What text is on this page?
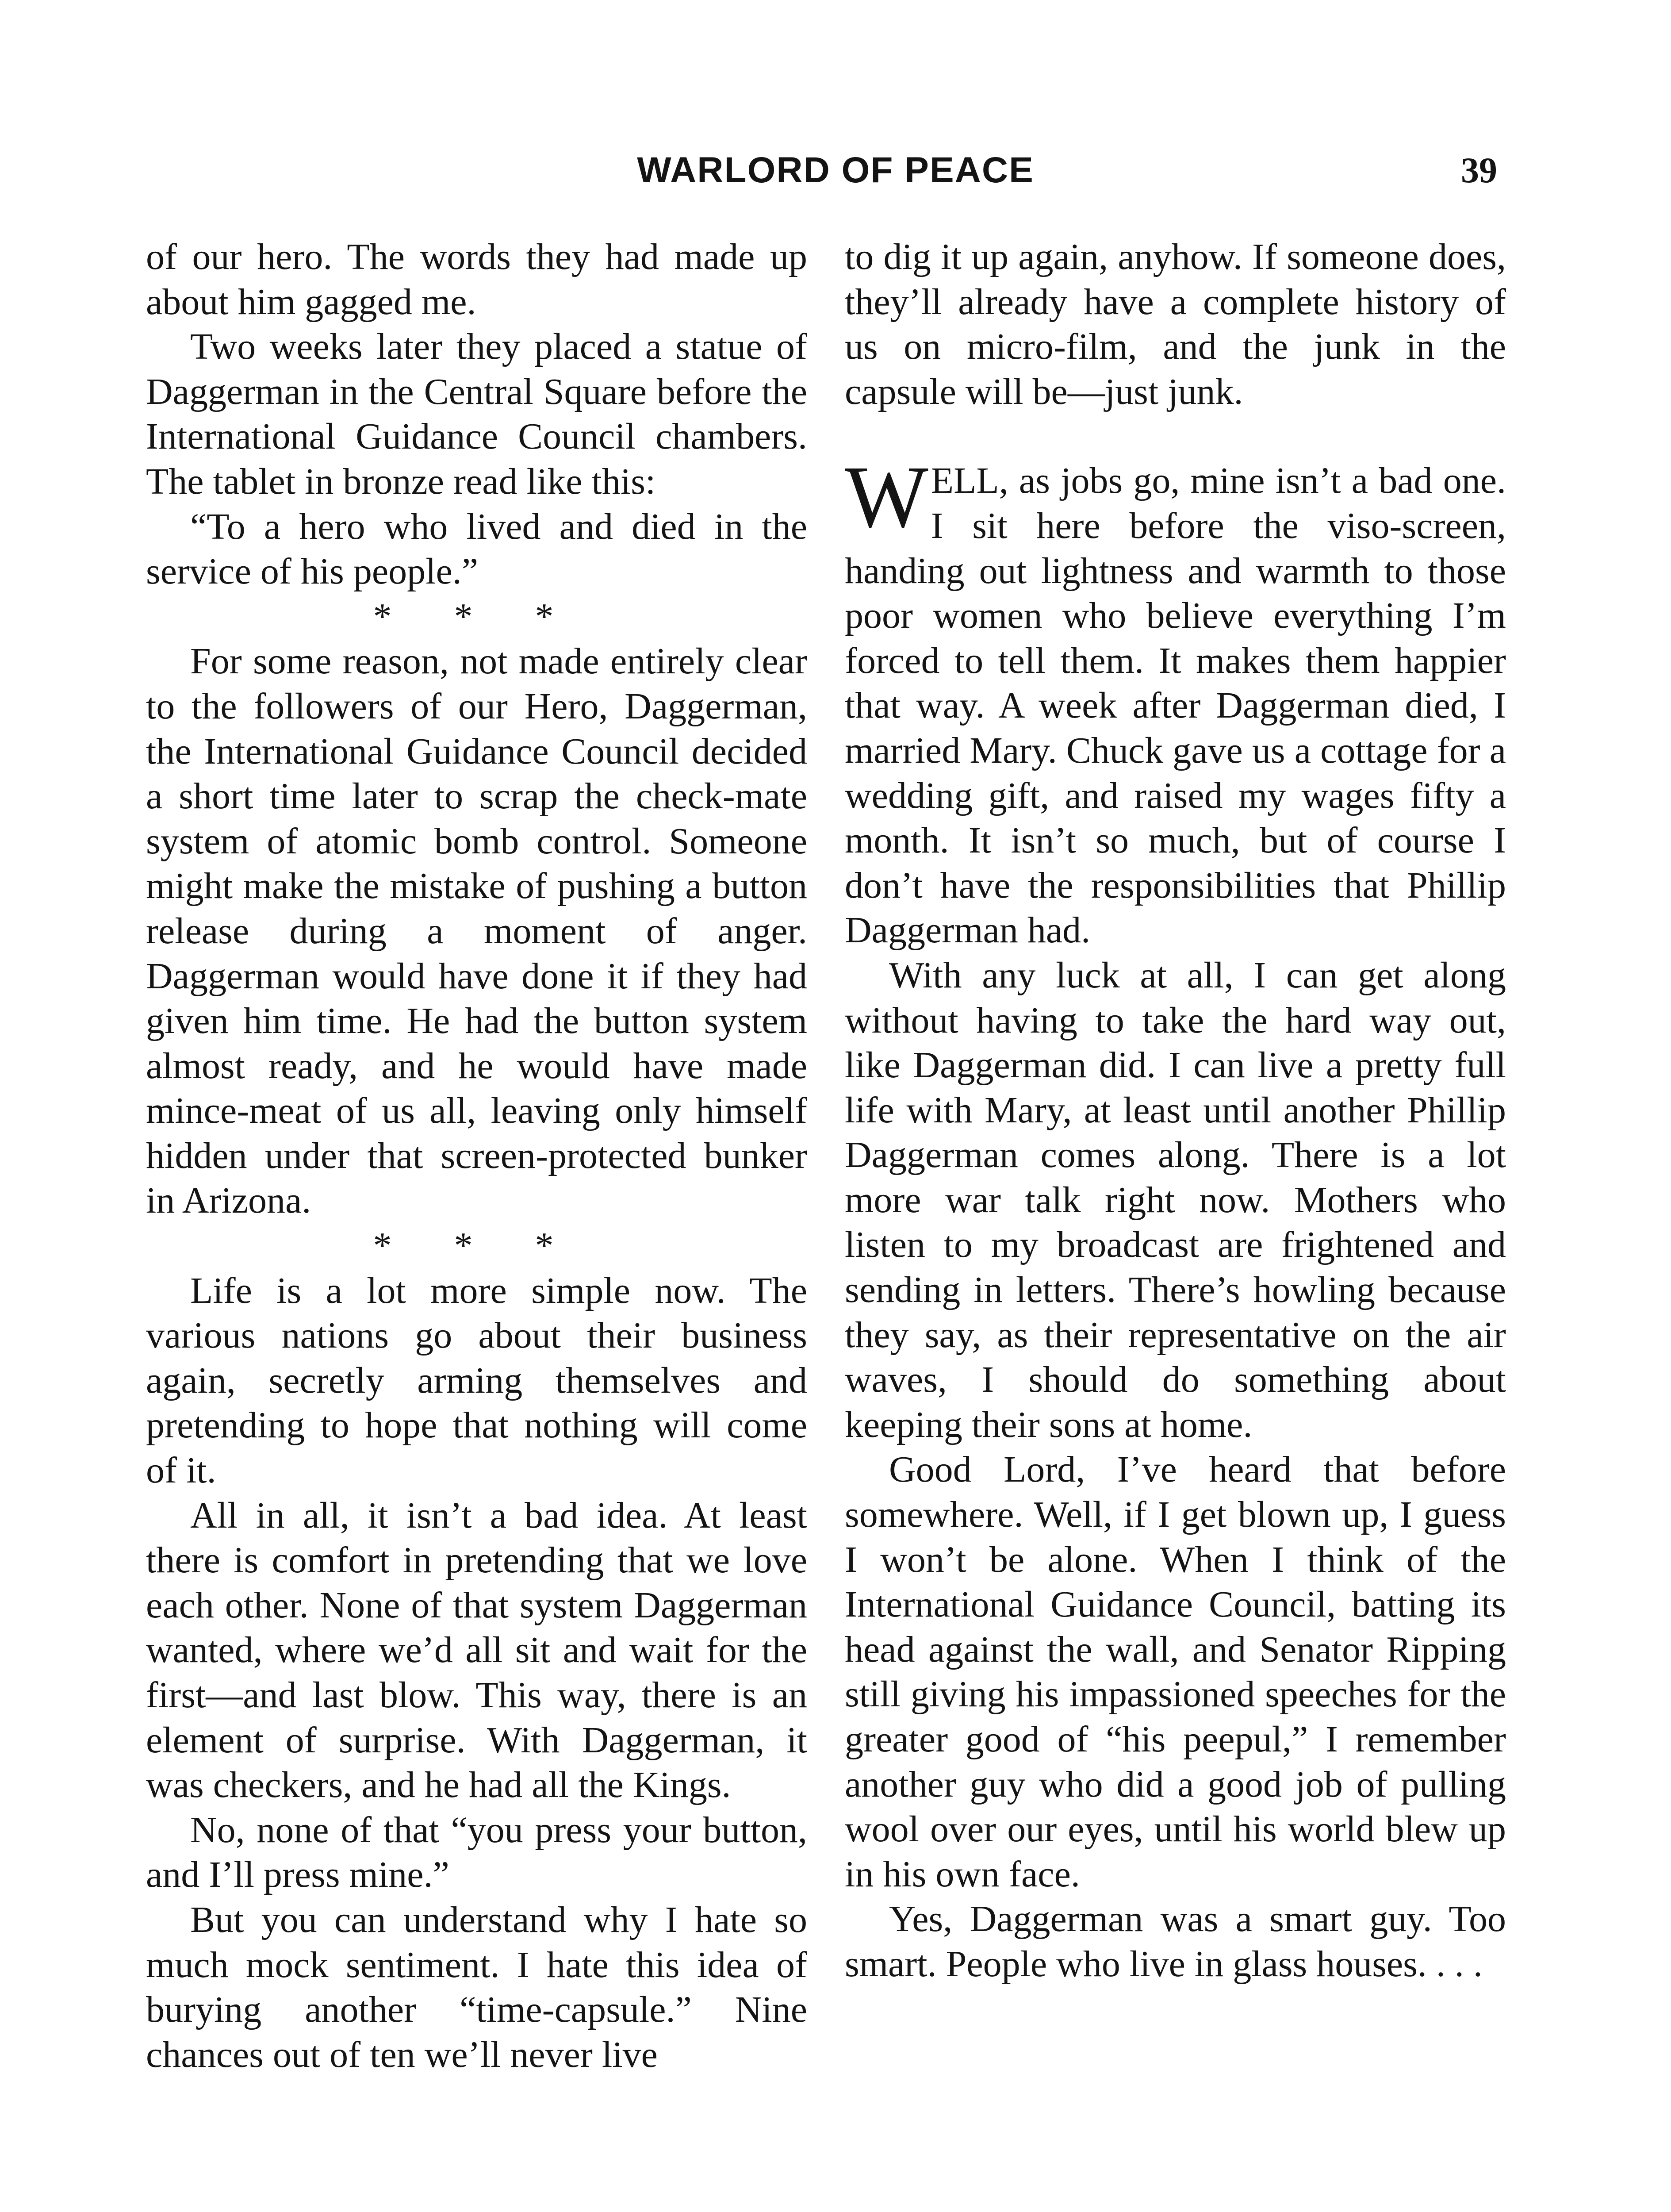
WARLORD OF PEACE	39

of our hero. The words they had made up about him gagged me.

Two weeks later they placed a statue of Daggerman in the Central Square before the International Guidance Council chambers. The tablet in bronze read like this:

“To a hero who lived and died in the service of his people.”

* * *

For some reason, not made entirely clear to the followers of our Hero, Daggerman, the International Guidance Council decided a short time later to scrap the check-mate system of atomic bomb control. Someone might make the mistake of pushing a button release during a moment of anger. Daggerman would have done it if they had given him time. He had the button system almost ready, and he would have made mince-meat of us all, leaving only himself hidden under that screen-protected bunker in Arizona.

* * *

Life is a lot more simple now. The various nations go about their business again, secretly arming themselves and pretending to hope that nothing will come of it.

All in all, it isn’t a bad idea. At least there is comfort in pretending that we love each other. None of that system Daggerman wanted, where we’d all sit and wait for the first—and last blow. This way, there is an element of surprise. With Daggerman, it was checkers, and he had all the Kings.

No, none of that “you press your button, and I’ll press mine.”

But you can understand why I hate so much mock sentiment. I hate this idea of burying another “time-capsule.” Nine chances out of ten we’ll never live

to dig it up again, anyhow. If someone does, they’ll already have a complete history of us on micro-film, and the junk in the capsule will be—just junk.

WELL, as jobs go, mine isn’t a bad one. I sit here before the viso-screen, handing out lightness and warmth to those poor women who believe everything I’m forced to tell them. It makes them happier that way. A week after Daggerman died, I married Mary. Chuck gave us a cottage for a wedding gift, and raised my wages fifty a month. It isn’t so much, but of course I don’t have the responsibilities that Phillip Daggerman had.

With any luck at all, I can get along without having to take the hard way out, like Daggerman did. I can live a pretty full life with Mary, at least until another Phillip Daggerman comes along. There is a lot more war talk right now. Mothers who listen to my broadcast are frightened and sending in letters. There’s howling because they say, as their representative on the air waves, I should do something about keeping their sons at home.

Good Lord, I’ve heard that before somewhere. Well, if I get blown up, I guess I won’t be alone. When I think of the International Guidance Council, batting its head against the wall, and Senator Ripping still giving his impassioned speeches for the greater good of “his peepul,” I remember another guy who did a good job of pulling wool over our eyes, until his world blew up in his own face.

Yes, Daggerman was a smart guy. Too smart. People who live in glass houses. . . .
